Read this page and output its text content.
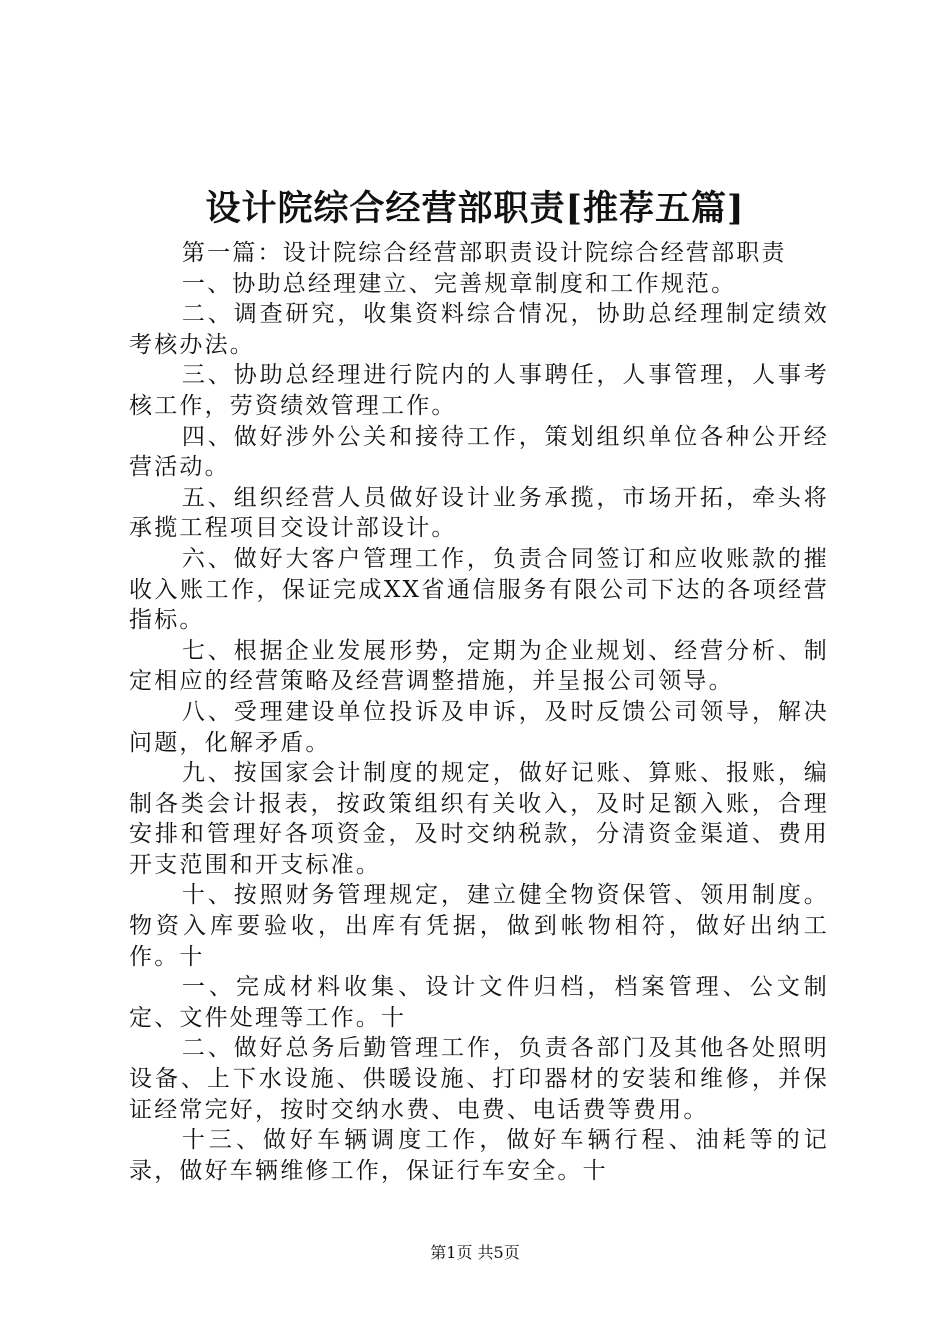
设计院综合经营部职责[推荐五篇]

第一篇：设计院综合经营部职责设计院综合经营部职责

一、协助总经理建立、完善规章制度和工作规范。

二、调查研究，收集资料综合情况，协助总经理制定绩效考核办法。

三、协助总经理进行院内的人事聘任，人事管理，人事考核工作，劳资绩效管理工作。

四、做好涉外公关和接待工作，策划组织单位各种公开经营活动。

五、组织经营人员做好设计业务承揽，市场开拓，牵头将承揽工程项目交设计部设计。

六、做好大客户管理工作，负责合同签订和应收账款的摧收入账工作，保证完成XX省通信服务有限公司下达的各项经营指标。

七、根据企业发展形势，定期为企业规划、经营分析、制定相应的经营策略及经营调整措施，并呈报公司领导。

八、受理建设单位投诉及申诉，及时反馈公司领导，解决问题，化解矛盾。

九、按国家会计制度的规定，做好记账、算账、报账，编制各类会计报表，按政策组织有关收入，及时足额入账，合理安排和管理好各项资金，及时交纳税款，分清资金渠道、费用开支范围和开支标准。

十、按照财务管理规定，建立健全物资保管、领用制度。物资入库要验收，出库有凭据，做到帐物相符，做好出纳工作。十

一、完成材料收集、设计文件归档，档案管理、公文制定、文件处理等工作。十

二、做好总务后勤管理工作，负责各部门及其他各处照明设备、上下水设施、供暖设施、打印器材的安装和维修，并保证经常完好，按时交纳水费、电费、电话费等费用。

十三、做好车辆调度工作，做好车辆行程、油耗等的记录，做好车辆维修工作，保证行车安全。十

第1页 共5页
